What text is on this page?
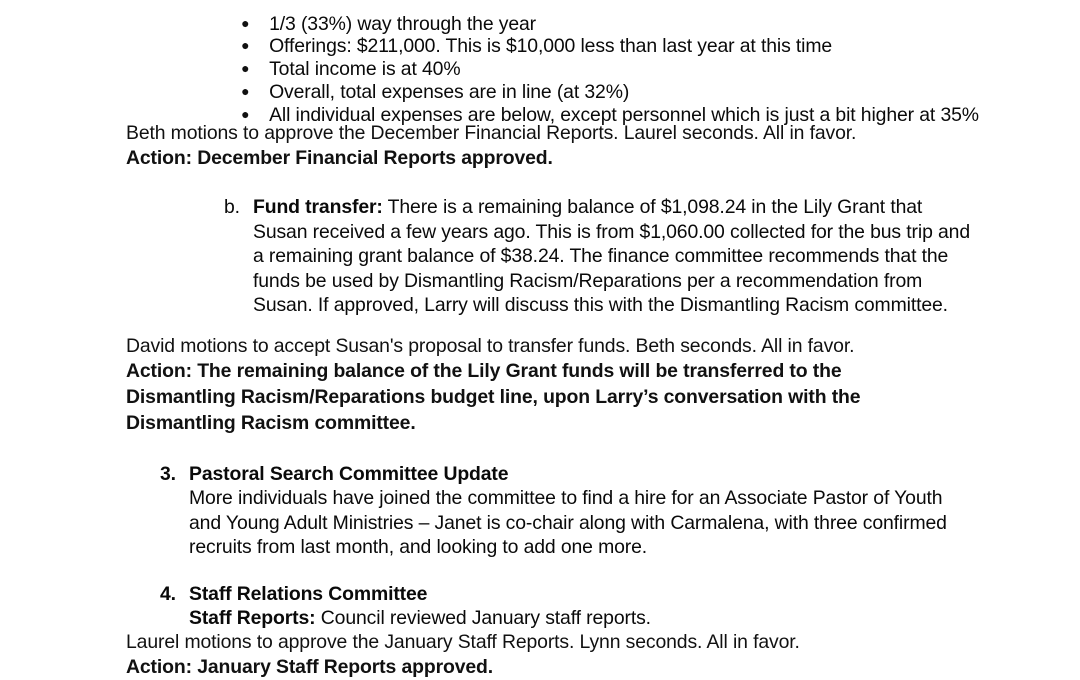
● 1/3 (33%) way through the year

● Offerings: $211,000. This is $10,000 less than last year at this time

● Total income is at 40%

● Overall, total expenses are in line (at 32%)

● All individual expenses are below, except personnel which is just a bit higher at 35%

Beth motions to approve the December Financial Reports. Laurel seconds. All in favor.
Action: December Financial Reports approved.
b. Fund transfer: There is a remaining balance of $1,098.24 in the Lily Grant that
Susan received a few years ago. This is from $1,060.00 collected for the bus trip and
a remaining grant balance of $38.24. The finance committee recommends that the
funds be used by Dismantling Racism/Reparations per a recommendation from
Susan. If approved, Larry will discuss this with the Dismantling Racism committee.
David motions to accept Susan's proposal to transfer funds. Beth seconds. All in favor.
Action: The remaining balance of the Lily Grant funds will be transferred to the
Dismantling Racism/Reparations budget line, upon Larry’s conversation with the
Dismantling Racism committee.
3. Pastoral Search Committee Update
More individuals have joined the committee to find a hire for an Associate Pastor of Youth
and Young Adult Ministries – Janet is co-chair along with Carmalena, with three confirmed
recruits from last month, and looking to add one more.
4. Staff Relations Committee
Staff Reports: Council reviewed January staff reports.
Laurel motions to approve the January Staff Reports. Lynn seconds. All in favor.
Action: January Staff Reports approved.
